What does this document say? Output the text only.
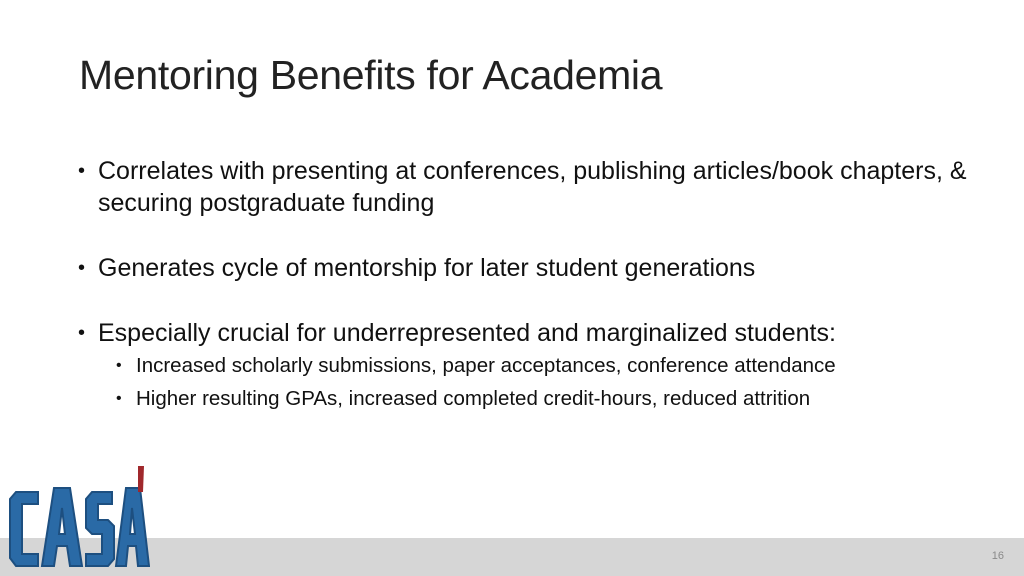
Mentoring Benefits for Academia
• Correlates with presenting at conferences, publishing articles/book chapters, & securing postgraduate funding
• Generates cycle of mentorship for later student generations
• Especially crucial for underrepresented and marginalized students:
• Increased scholarly submissions, paper acceptances, conference attendance
• Higher resulting GPAs, increased completed credit-hours, reduced attrition
16
